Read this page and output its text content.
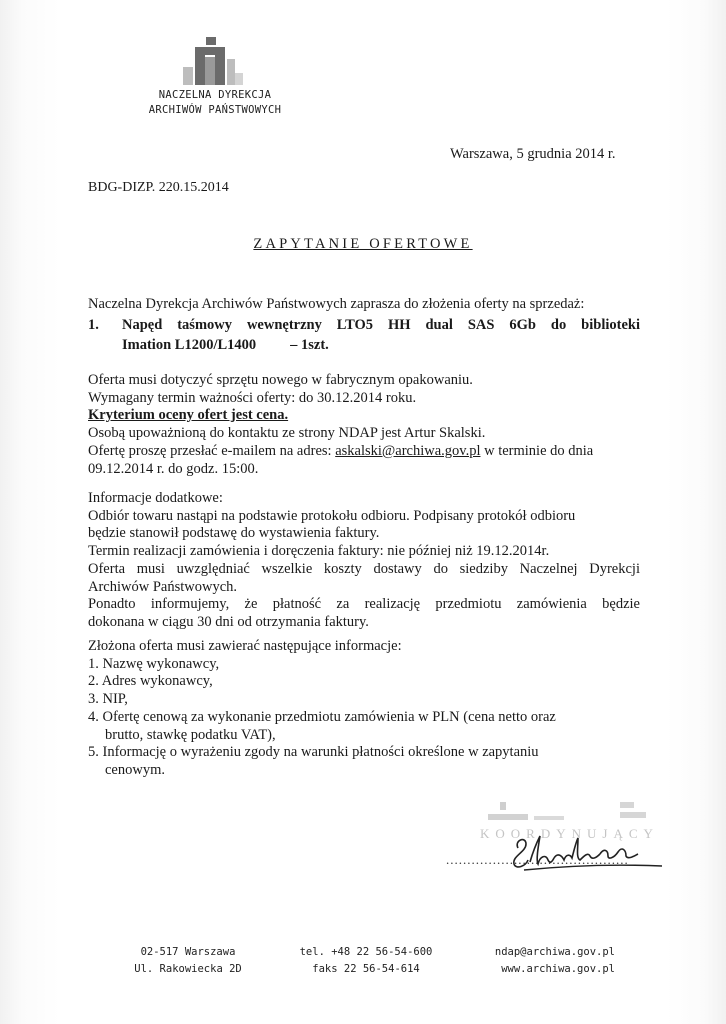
NACZELNA DYREKCJA
ARCHIWÓW PAŃSTWOWYCH
Warszawa, 5 grudnia 2014 r.
BDG-DIZP. 220.15.2014
ZAPYTANIE OFERTOWE
Naczelna Dyrekcja Archiwów Państwowych zaprasza do złożenia oferty na sprzedaż:
1. Napęd taśmowy wewnętrzny LTO5 HH dual SAS 6Gb do biblioteki
Imation L1200/L1400 – 1szt.
Oferta musi dotyczyć sprzętu nowego w fabrycznym opakowaniu.
Wymagany termin ważności oferty: do 30.12.2014 roku.
Kryterium oceny ofert jest cena.
Osobą upoważnioną do kontaktu ze strony NDAP jest Artur Skalski.
Ofertę proszę przesłać e-mailem na adres: askalski@archiwa.gov.pl w terminie do dnia
09.12.2014 r. do godz. 15:00.
Informacje dodatkowe:
Odbiór towaru nastąpi na podstawie protokołu odbioru. Podpisany protokół odbioru
będzie stanowił podstawę do wystawienia faktury.
Termin realizacji zamówienia i doręczenia faktury: nie później niż 19.12.2014r.
Oferta musi uwzględniać wszelkie koszty dostawy do siedziby Naczelnej Dyrekcji
Archiwów Państwowych.
Ponadto informujemy, że płatność za realizację przedmiotu zamówienia będzie
dokonana w ciągu 30 dni od otrzymania faktury.
Złożona oferta musi zawierać następujące informacje:
1. Nazwę wykonawcy,
2. Adres wykonawcy,
3. NIP,
4. Ofertę cenową za wykonanie przedmiotu zamówienia w PLN (cena netto oraz
brutto, stawkę podatku VAT),
5. Informację o wyrażeniu zgody na warunki płatności określone w zapytaniu
cenowym.
KOORDYNUJĄCY
...........................................
02-517 Warszawa
Ul. Rakowiecka 2D
tel. +48 22 56-54-600
faks 22 56-54-614
ndap@archiwa.gov.pl
www.archiwa.gov.pl
